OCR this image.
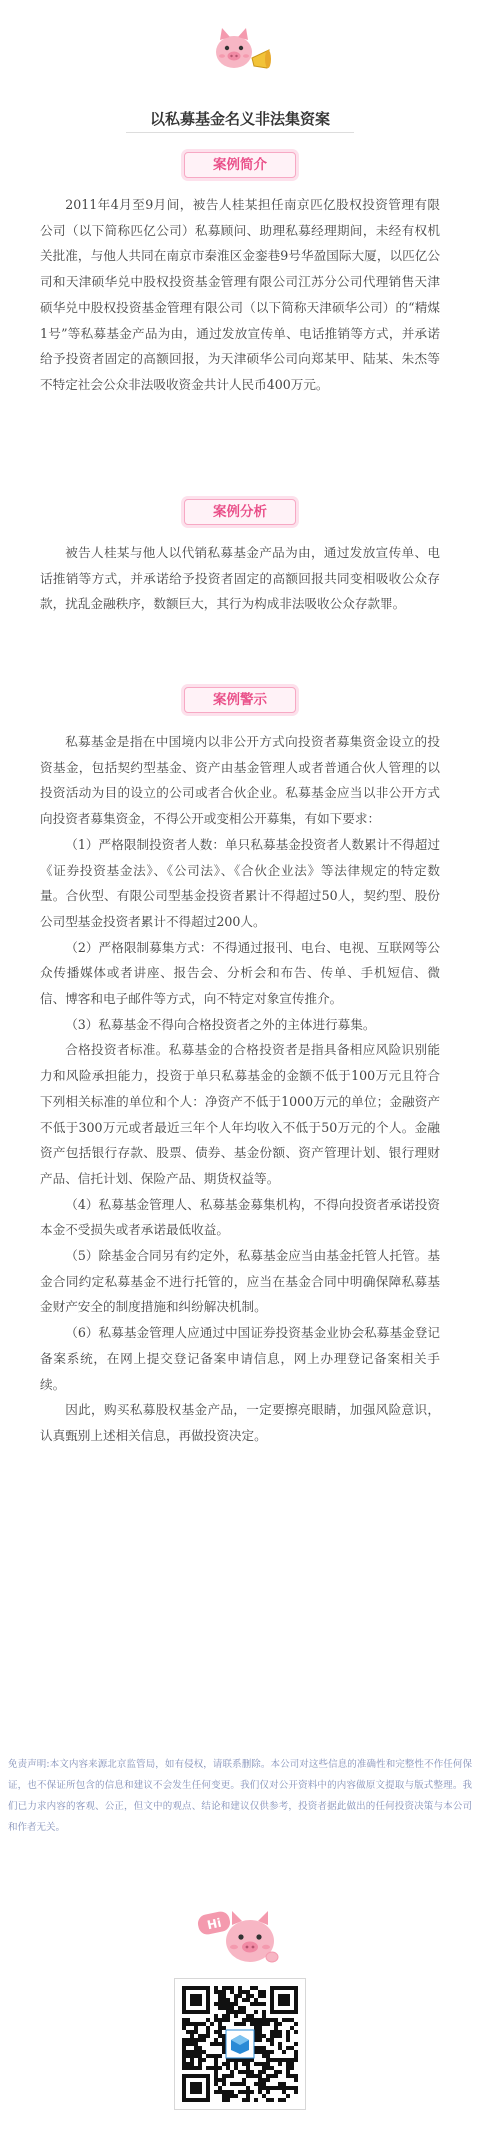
以私募基金名义非法集资案
案例简介

2011年4月至9月间，被告人桂某担任南京匹亿股权投资管理有限公司（以下简称匹亿公司）私募顾问、助理私募经理期间，未经有权机关批准，与他人共同在南京市秦淮区金銮巷9号华盈国际大厦，以匹亿公司和天津硕华兑中股权投资基金管理有限公司江苏分公司代理销售天津硕华兑中股权投资基金管理有限公司（以下简称天津硕华公司）的“精煤1号”等私募基金产品为由，通过发放宣传单、电话推销等方式，并承诺给予投资者固定的高额回报，为天津硕华公司向郑某甲、陆某、朱杰等不特定社会公众非法吸收资金共计人民币400万元。

案例分析

被告人桂某与他人以代销私募基金产品为由，通过发放宣传单、电话推销等方式，并承诺给予投资者固定的高额回报共同变相吸收公众存款，扰乱金融秩序，数额巨大，其行为构成非法吸收公众存款罪。

案例警示

私募基金是指在中国境内以非公开方式向投资者募集资金设立的投资基金，包括契约型基金、资产由基金管理人或者普通合伙人管理的以投资活动为目的设立的公司或者合伙企业。私募基金应当以非公开方式向投资者募集资金，不得公开或变相公开募集，有如下要求：

（1）严格限制投资者人数：单只私募基金投资者人数累计不得超过《证券投资基金法》、《公司法》、《合伙企业法》等法律规定的特定数量。合伙型、有限公司型基金投资者累计不得超过50人，契约型、股份公司型基金投资者累计不得超过200人。

（2）严格限制募集方式：不得通过报刊、电台、电视、互联网等公众传播媒体或者讲座、报告会、分析会和布告、传单、手机短信、微信、博客和电子邮件等方式，向不特定对象宣传推介。

（3）私募基金不得向合格投资者之外的主体进行募集。

合格投资者标准。私募基金的合格投资者是指具备相应风险识别能力和风险承担能力，投资于单只私募基金的金额不低于100万元且符合下列相关标准的单位和个人：净资产不低于1000万元的单位；金融资产不低于300万元或者最近三年个人年均收入不低于50万元的个人。金融资产包括银行存款、股票、债券、基金份额、资产管理计划、银行理财产品、信托计划、保险产品、期货权益等。

（4）私募基金管理人、私募基金募集机构，不得向投资者承诺投资本金不受损失或者承诺最低收益。

（5）除基金合同另有约定外，私募基金应当由基金托管人托管。基金合同约定私募基金不进行托管的，应当在基金合同中明确保障私募基金财产安全的制度措施和纠纷解决机制。

（6）私募基金管理人应通过中国证券投资基金业协会私募基金登记备案系统，在网上提交登记备案申请信息，网上办理登记备案相关手续。

因此，购买私募股权基金产品，一定要擦亮眼睛，加强风险意识，认真甄别上述相关信息，再做投资决定。

免责声明:本文内容来源北京监管局，如有侵权，请联系删除。本公司对这些信息的准确性和完整性不作任何保证，也不保证所包含的信息和建议不会发生任何变更。我们仅对公开资料中的内容做原文提取与版式整理。我们已力求内容的客观、公正，但文中的观点、结论和建议仅供参考，投资者据此做出的任何投资决策与本公司和作者无关。
Hi
